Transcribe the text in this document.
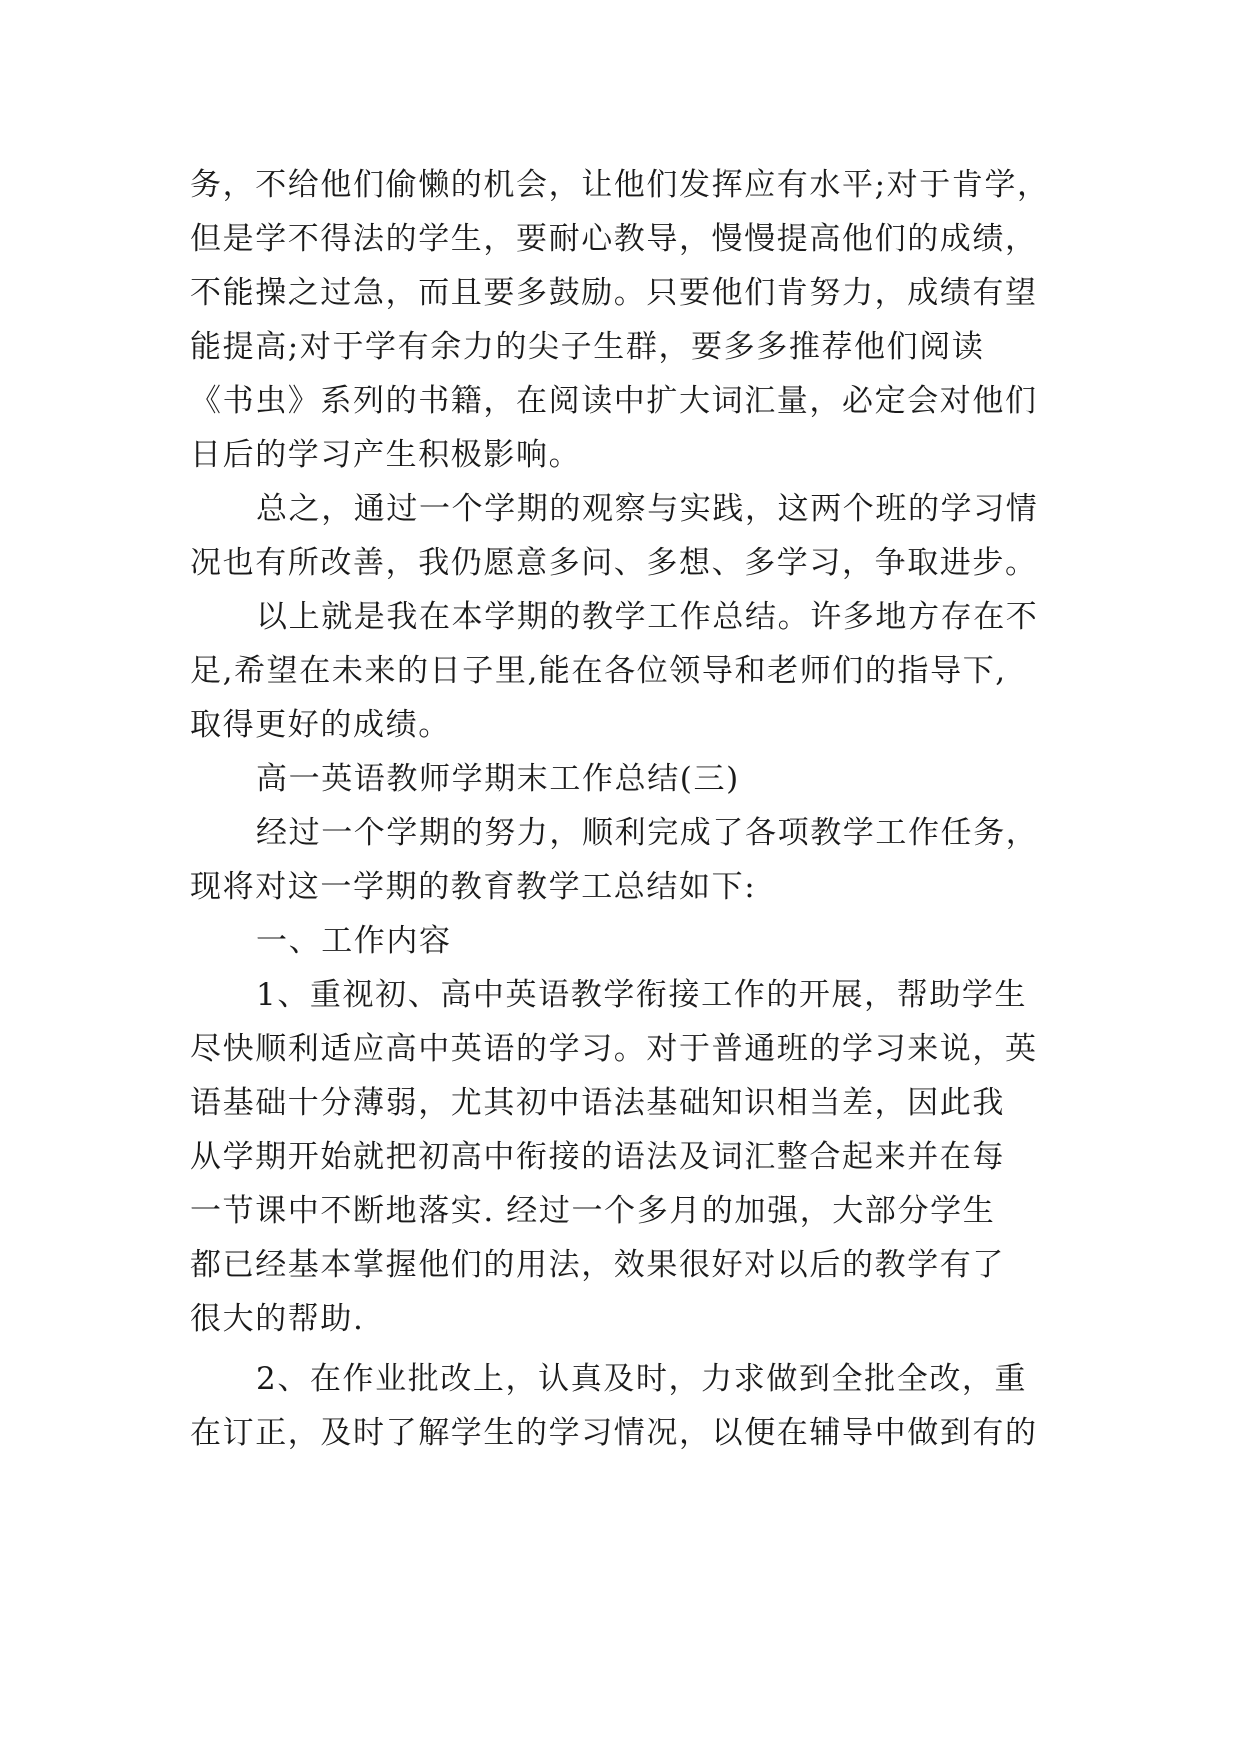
务，不给他们偷懒的机会，让他们发挥应有水平;对于肯学，
但是学不得法的学生，要耐心教导，慢慢提高他们的成绩，
不能操之过急，而且要多鼓励。只要他们肯努力，成绩有望
能提高;对于学有余力的尖子生群，要多多推荐他们阅读
《书虫》系列的书籍，在阅读中扩大词汇量，必定会对他们
日后的学习产生积极影响。
总之，通过一个学期的观察与实践，这两个班的学习情
况也有所改善，我仍愿意多问、多想、多学习，争取进步。
以上就是我在本学期的教学工作总结。许多地方存在不
足,希望在未来的日子里,能在各位领导和老师们的指导下,
取得更好的成绩。
高一英语教师学期末工作总结(三)
经过一个学期的努力，顺利完成了各项教学工作任务，
现将对这一学期的教育教学工总结如下:
一、工作内容
1、重视初、高中英语教学衔接工作的开展，帮助学生
尽快顺利适应高中英语的学习。对于普通班的学习来说，英
语基础十分薄弱，尤其初中语法基础知识相当差，因此我
从学期开始就把初高中衔接的语法及词汇整合起来并在每
一节课中不断地落实. 经过一个多月的加强，大部分学生
都已经基本掌握他们的用法，效果很好对以后的教学有了
很大的帮助.
2、在作业批改上，认真及时，力求做到全批全改，重
在订正，及时了解学生的学习情况，以便在辅导中做到有的
